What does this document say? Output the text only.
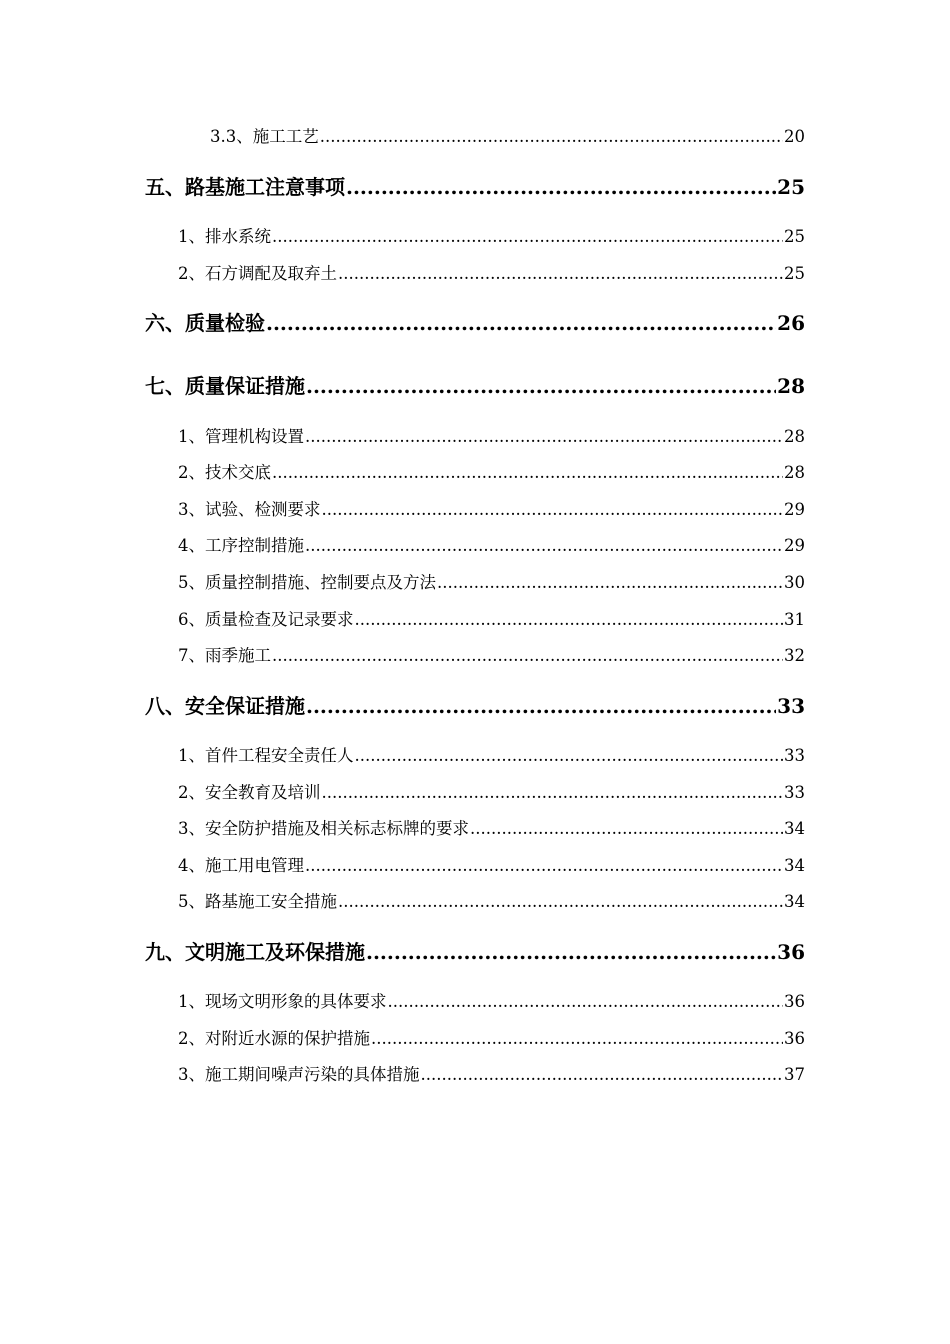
3.3、施工工艺 .....	20
五、路基施工注意事项 .....	25
1、排水系统 .....	25
2、石方调配及取弃土 .....	25
六、质量检验 .....	26
七、质量保证措施 .....	28
1、管理机构设置 .....	28
2、技术交底 .....	28
3、试验、检测要求 .....	29
4、工序控制措施 .....	29
5、质量控制措施、控制要点及方法 .....	30
6、质量检查及记录要求 .....	31
7、雨季施工 .....	32
八、安全保证措施 .....	33
1、首件工程安全责任人 .....	33
2、安全教育及培训 .....	33
3、安全防护措施及相关标志标牌的要求 .....	34
4、施工用电管理 .....	34
5、路基施工安全措施 .....	34
九、文明施工及环保措施 .....	36
1、现场文明形象的具体要求 .....	36
2、对附近水源的保护措施 .....	36
3、施工期间噪声污染的具体措施 .....	37
